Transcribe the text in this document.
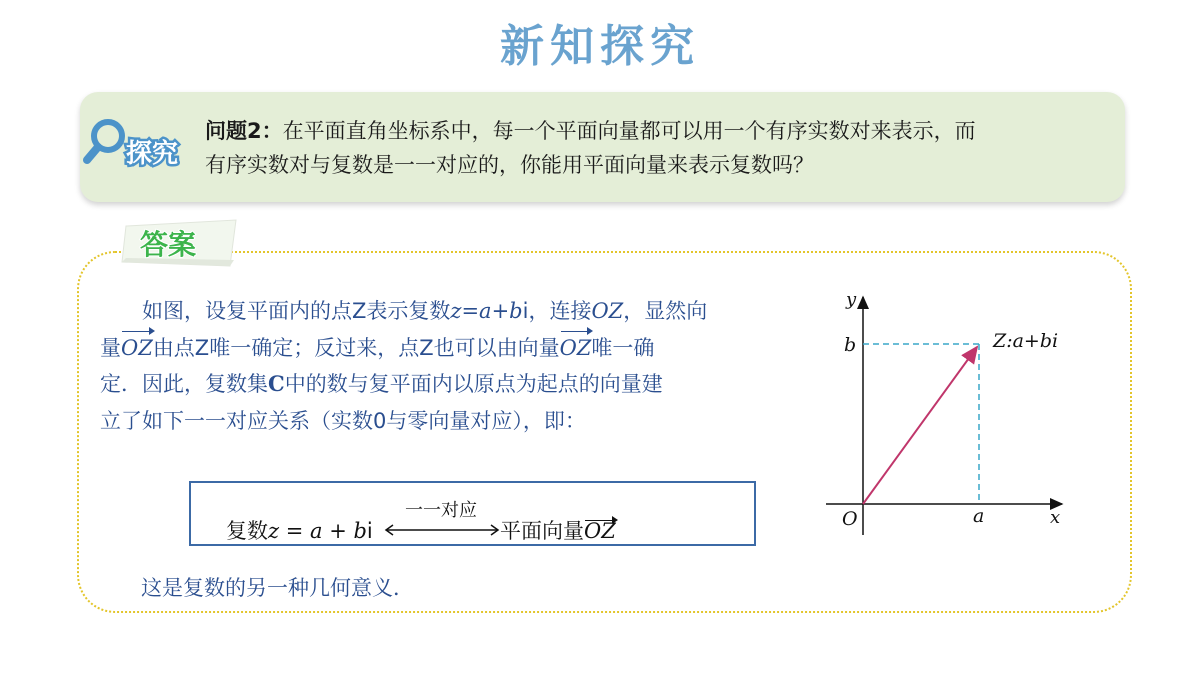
新知探究
探究
问题2：在平面直角坐标系中，每一个平面向量都可以用一个有序实数对来表示，而
有序实数对与复数是一一对应的，你能用平面向量来表示复数吗？
答案
如图，设复平面内的点Z表示复数z=a+bi，连接OZ，显然向
量OZ由点Z唯一确定；反过来，点Z也可以由向量OZ唯一确
定．因此，复数集C中的数与复平面内以原点为起点的向量建
立了如下一一对应关系（实数0与零向量对应），即：
一一对应
复数z = a + bi	平面向量OZ
这是复数的另一种几何意义．
y
x
O	a
b	Z:a+bi
